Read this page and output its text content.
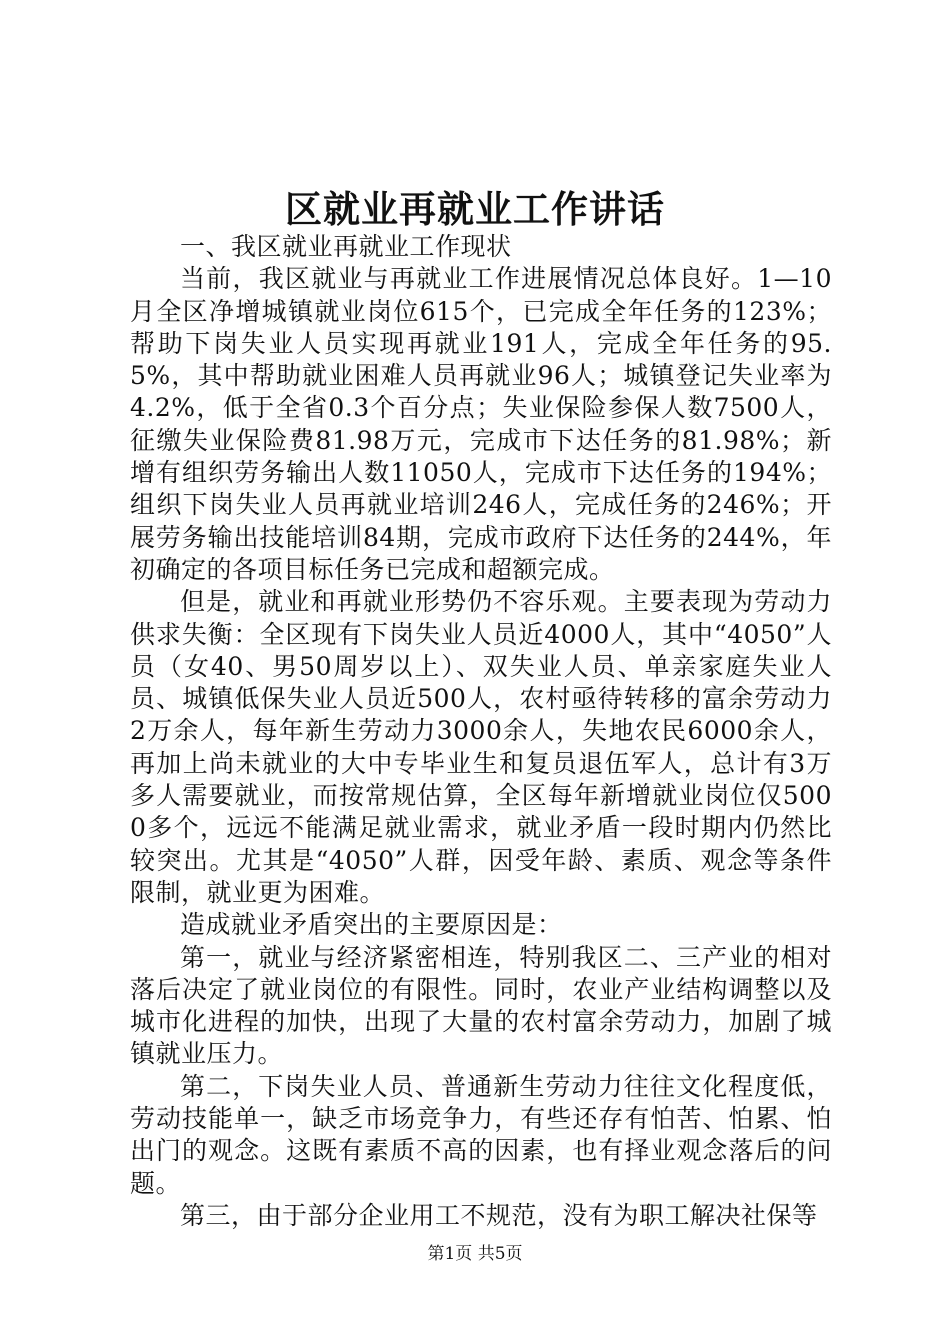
区就业再就业工作讲话

一、我区就业再就业工作现状

当前，我区就业与再就业工作进展情况总体良好。1—10月全区净增城镇就业岗位615个，已完成全年任务的123%；帮助下岗失业人员实现再就业191人，完成全年任务的95.5%，其中帮助就业困难人员再就业96人；城镇登记失业率为4.2%，低于全省0.3个百分点；失业保险参保人数7500人，征缴失业保险费81.98万元，完成市下达任务的81.98%；新增有组织劳务输出人数11050人，完成市下达任务的194%；组织下岗失业人员再就业培训246人，完成任务的246%；开展劳务输出技能培训84期，完成市政府下达任务的244%，年初确定的各项目标任务已完成和超额完成。

但是，就业和再就业形势仍不容乐观。主要表现为劳动力供求失衡：全区现有下岗失业人员近4000人，其中“4050”人员（女40、男50周岁以上）、双失业人员、单亲家庭失业人员、城镇低保失业人员近500人，农村亟待转移的富余劳动力2万余人，每年新生劳动力3000余人，失地农民6000余人，再加上尚未就业的大中专毕业生和复员退伍军人，总计有3万多人需要就业，而按常规估算，全区每年新增就业岗位仅5000多个，远远不能满足就业需求，就业矛盾一段时期内仍然比较突出。尤其是“4050”人群，因受年龄、素质、观念等条件限制，就业更为困难。

造成就业矛盾突出的主要原因是：

第一，就业与经济紧密相连，特别我区二、三产业的相对落后决定了就业岗位的有限性。同时，农业产业结构调整以及城市化进程的加快，出现了大量的农村富余劳动力，加剧了城镇就业压力。

第二，下岗失业人员、普通新生劳动力往往文化程度低，劳动技能单一，缺乏市场竞争力，有些还存有怕苦、怕累、怕出门的观念。这既有素质不高的因素，也有择业观念落后的问题。

第三，由于部分企业用工不规范，没有为职工解决社保等

第1页 共5页
